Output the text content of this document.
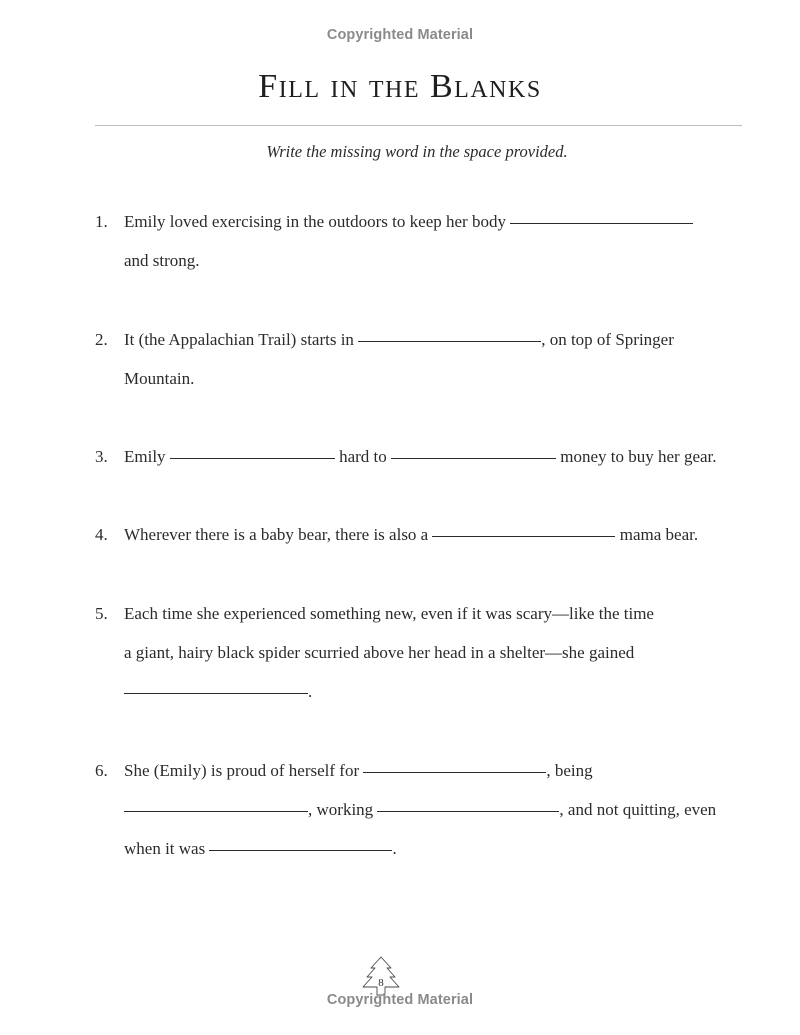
Copyrighted Material
Fill in the Blanks
Write the missing word in the space provided.
1. Emily loved exercising in the outdoors to keep her body
and strong.
2. It (the Appalachian Trail) starts in	, on top of Springer
Mountain.
3. Emily	hard to	money to buy her gear.
4. Wherever there is a baby bear, there is also a	mama bear.
5. Each time she experienced something new, even if it was scary—like the time
a giant, hairy black spider scurried above her head in a shelter—she gained
.
6. She (Emily) is proud of herself for	, being
, working	, and not quitting, even
when it was	.
8
Copyrighted Material
